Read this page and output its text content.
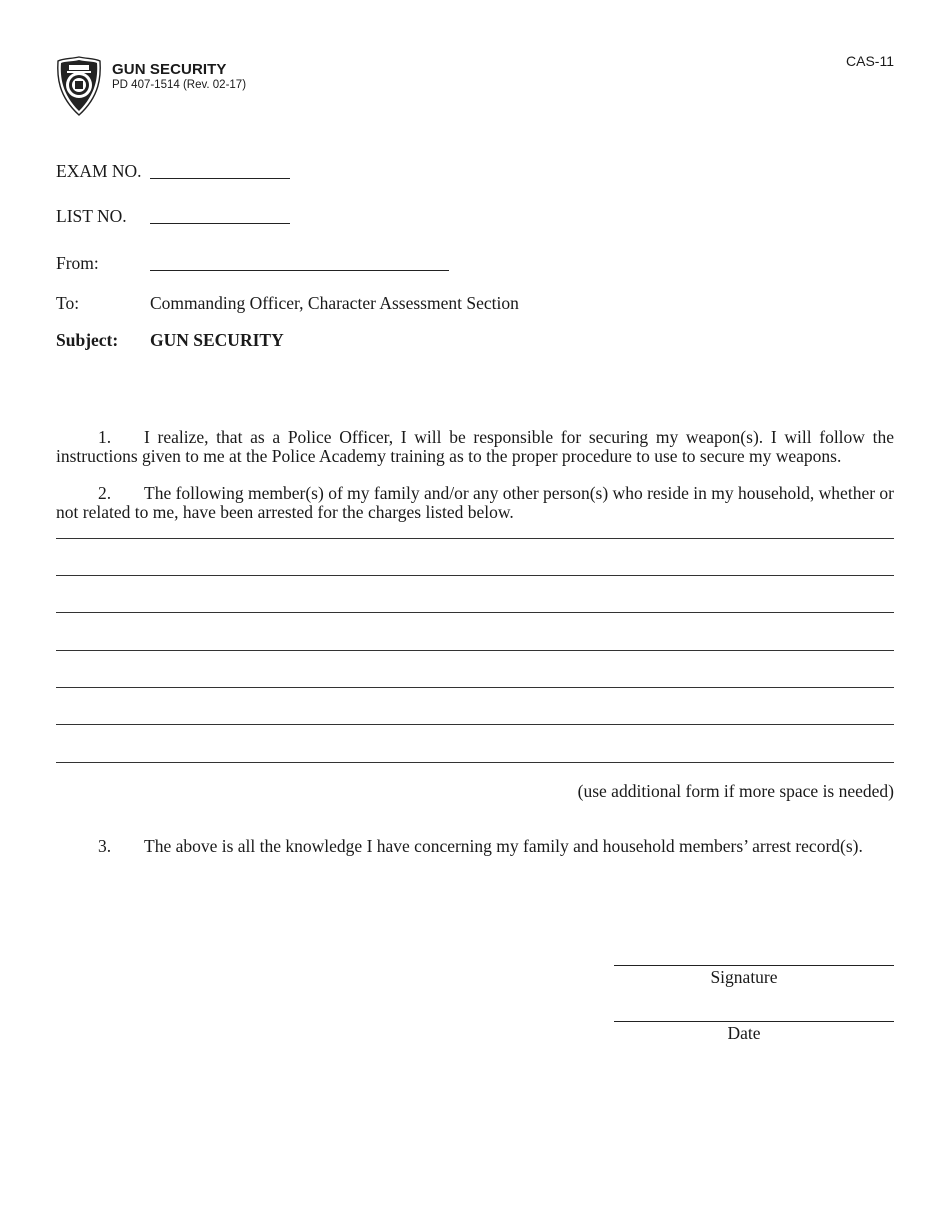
GUN SECURITY
PD 407-1514 (Rev. 02-17)
CAS-11
EXAM NO.
LIST NO.
From:
To:	Commanding Officer, Character Assessment Section
Subject: GUN SECURITY
1. I realize, that as a Police Officer, I will be responsible for securing my weapon(s). I will follow the instructions given to me at the Police Academy training as to the proper procedure to use to secure my weapons.
2. The following member(s) of my family and/or any other person(s) who reside in my household, whether or not related to me, have been arrested for the charges listed below.
(use additional form if more space is needed)
3. The above is all the knowledge I have concerning my family and household members’ arrest record(s).
Signature
Date
